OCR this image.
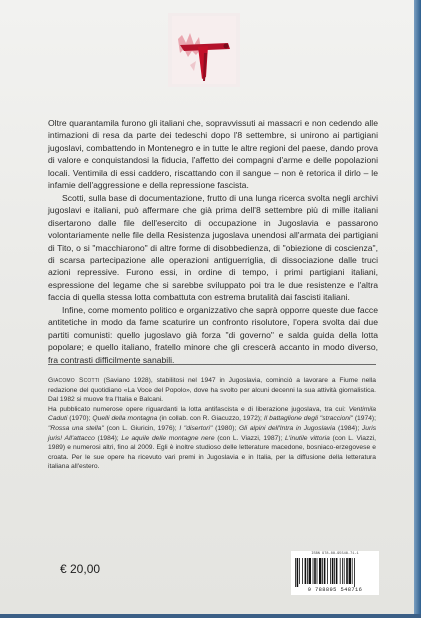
Oltre quarantamila furono gli italiani che, sopravvissuti ai massacri e non cedendo alle intimazioni di resa da parte dei tedeschi dopo l'8 settembre, si unirono ai partigiani jugoslavi, combattendo in Montenegro e in tutte le altre regioni del paese, dando prova di valore e conquistandosi la fiducia, l'affetto dei compagni d'arme e delle popolazioni locali. Ventimila di essi caddero, riscattando con il sangue – non è retorica il dirlo – le infamie dell'aggressione e della repressione fascista.

Scotti, sulla base di documentazione, frutto di una lunga ricerca svolta negli archivi jugoslavi e italiani, può affermare che già prima dell'8 settembre più di mille italiani disertarono dalle file dell'esercito di occupazione in Jugoslavia e passarono volontariamente nelle file della Resistenza jugoslava unendosi all'armata dei partigiani di Tito, o si "macchiarono" di altre forme di disobbedienza, di "obiezione di coscienza", di scarsa partecipazione alle operazioni antiguerriglia, di dissociazione dalle truci azioni repressive. Furono essi, in ordine di tempo, i primi partigiani italiani, espressione del legame che si sarebbe sviluppato poi tra le due resistenze e l'altra faccia di quella stessa lotta combattuta con estrema brutalità dai fascisti italiani.

Infine, come momento politico e organizzativo che saprà opporre queste due facce antitetiche in modo da fame scaturire un confronto risolutore, l'opera svolta dai due partiti comunisti: quello jugoslavo già forza "di governo" e salda guida della lotta popolare; e quello italiano, fratello minore che gli crescerà accanto in modo diverso, fra contrasti difficilmente sanabili.

Giacomo Scotti (Saviano 1928), stabilitosi nel 1947 in Jugoslavia, cominciò a lavorare a Fiume nella redazione del quotidiano «La Voce del Popolo», dove ha svolto per alcuni decenni la sua attività giornalistica. Dal 1982 si muove fra l'Italia e Balcani.

Ha pubblicato numerose opere riguardanti la lotta antifascista e di liberazione jugoslava, tra cui: Ventimila Caduti (1970); Quelli della montagna (in collab. con R. Giacuzzo, 1972); Il battaglione degli "straccioni" (1974); "Rossa una stella" (con L. Giuricin, 1976); I "disertori" (1980); Gli alpini dell'Intra in Jugoslavia (1984); Juris juris! All'attacco (1984); Le aquile delle montagne nere (con L. Viazzi, 1987); L'inutile vittoria (con L. Viazzi, 1989) e numerosi altri, fino al 2009. Egli è inoltre studioso delle letterature macedone, bosniaco-erzegovese e croata. Per le sue opere ha ricevuto vari premi in Jugoslavia e in Italia, per la diffusione della letteratura italiana all'estero.

€ 20,00
ISBN 978-88-95548-71-1
9 788895 548716
